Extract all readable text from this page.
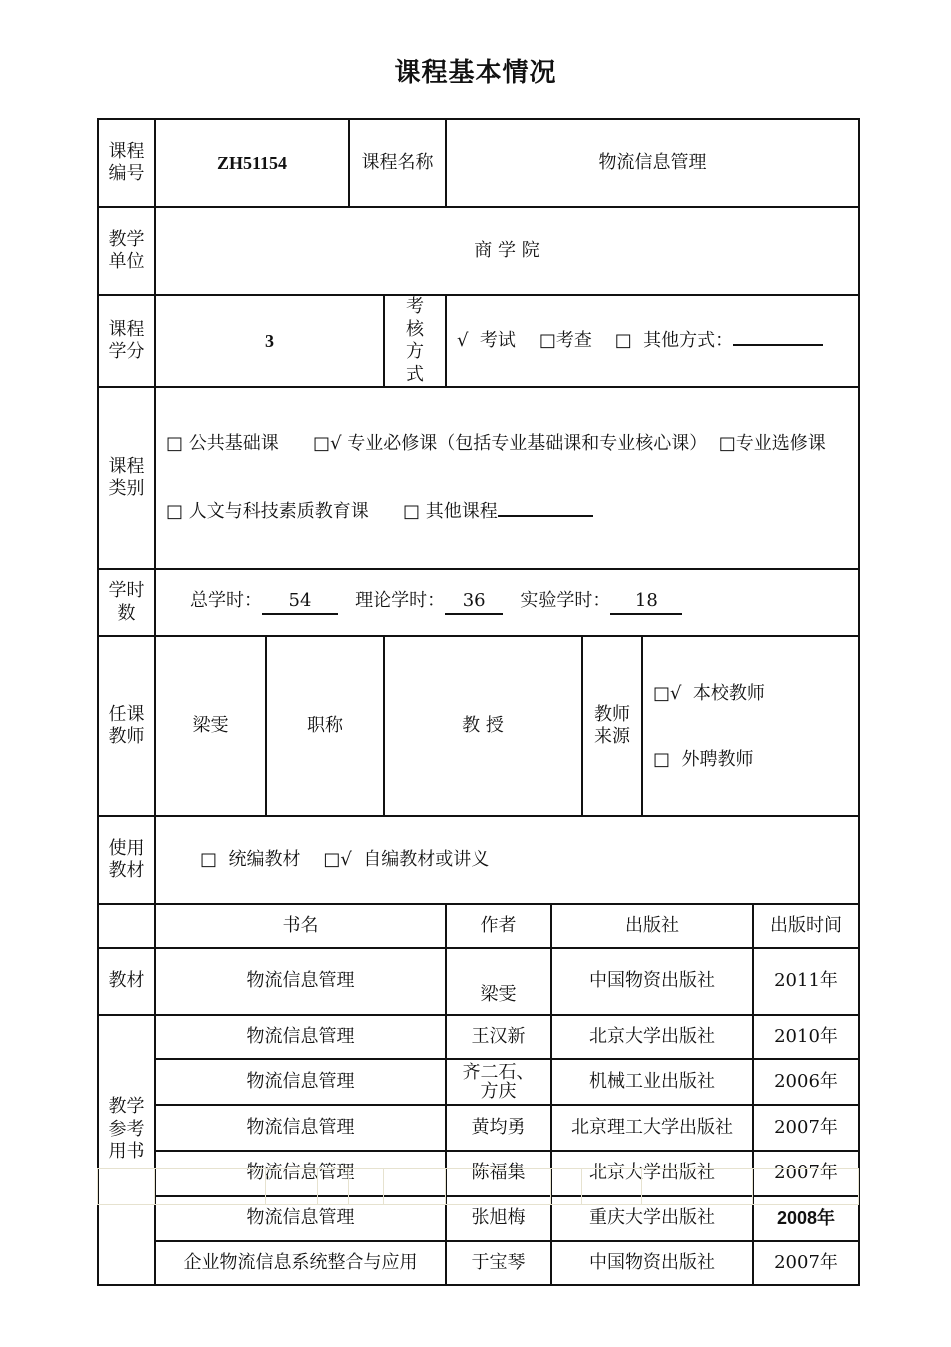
课程基本情况
课程编号	ZH51154		课程名称		物流信息管理				
教学单位	商 学 院								
课程学分	3			考核方式	√  考试    □考查    □  其他方式：				
课程类别	□ 公共基础课      □√ 专业必修课（包括专业基础课和专业核心课）  □专业选修课

□ 人文与科技素质教育课      □ 其他课程								

学时数	总学时： 54 理论学时： 36 实验学时： 18								
任课教师	梁雯	职称		教 授			教师来源	□√  本校教师

□  外聘教师	

使用教材	□  统编教材    □√  自编教材或讲义								
	书名				作者	出版社			出版时间
教材	物流信息管理				梁雯	中国物资出版社			2011年
教学参考用书	物流信息管理				王汉新	北京大学出版社			2010年
	物流信息管理				齐二石、方庆	机械工业出版社			2006年
	物流信息管理				黄均勇	北京理工大学出版社			2007年
	物流信息管理				陈福集	北京大学出版社			2007年
	物流信息管理				张旭梅	重庆大学出版社			2008年
	企业物流信息系统整合与应用				于宝琴	中国物资出版社			2007年
